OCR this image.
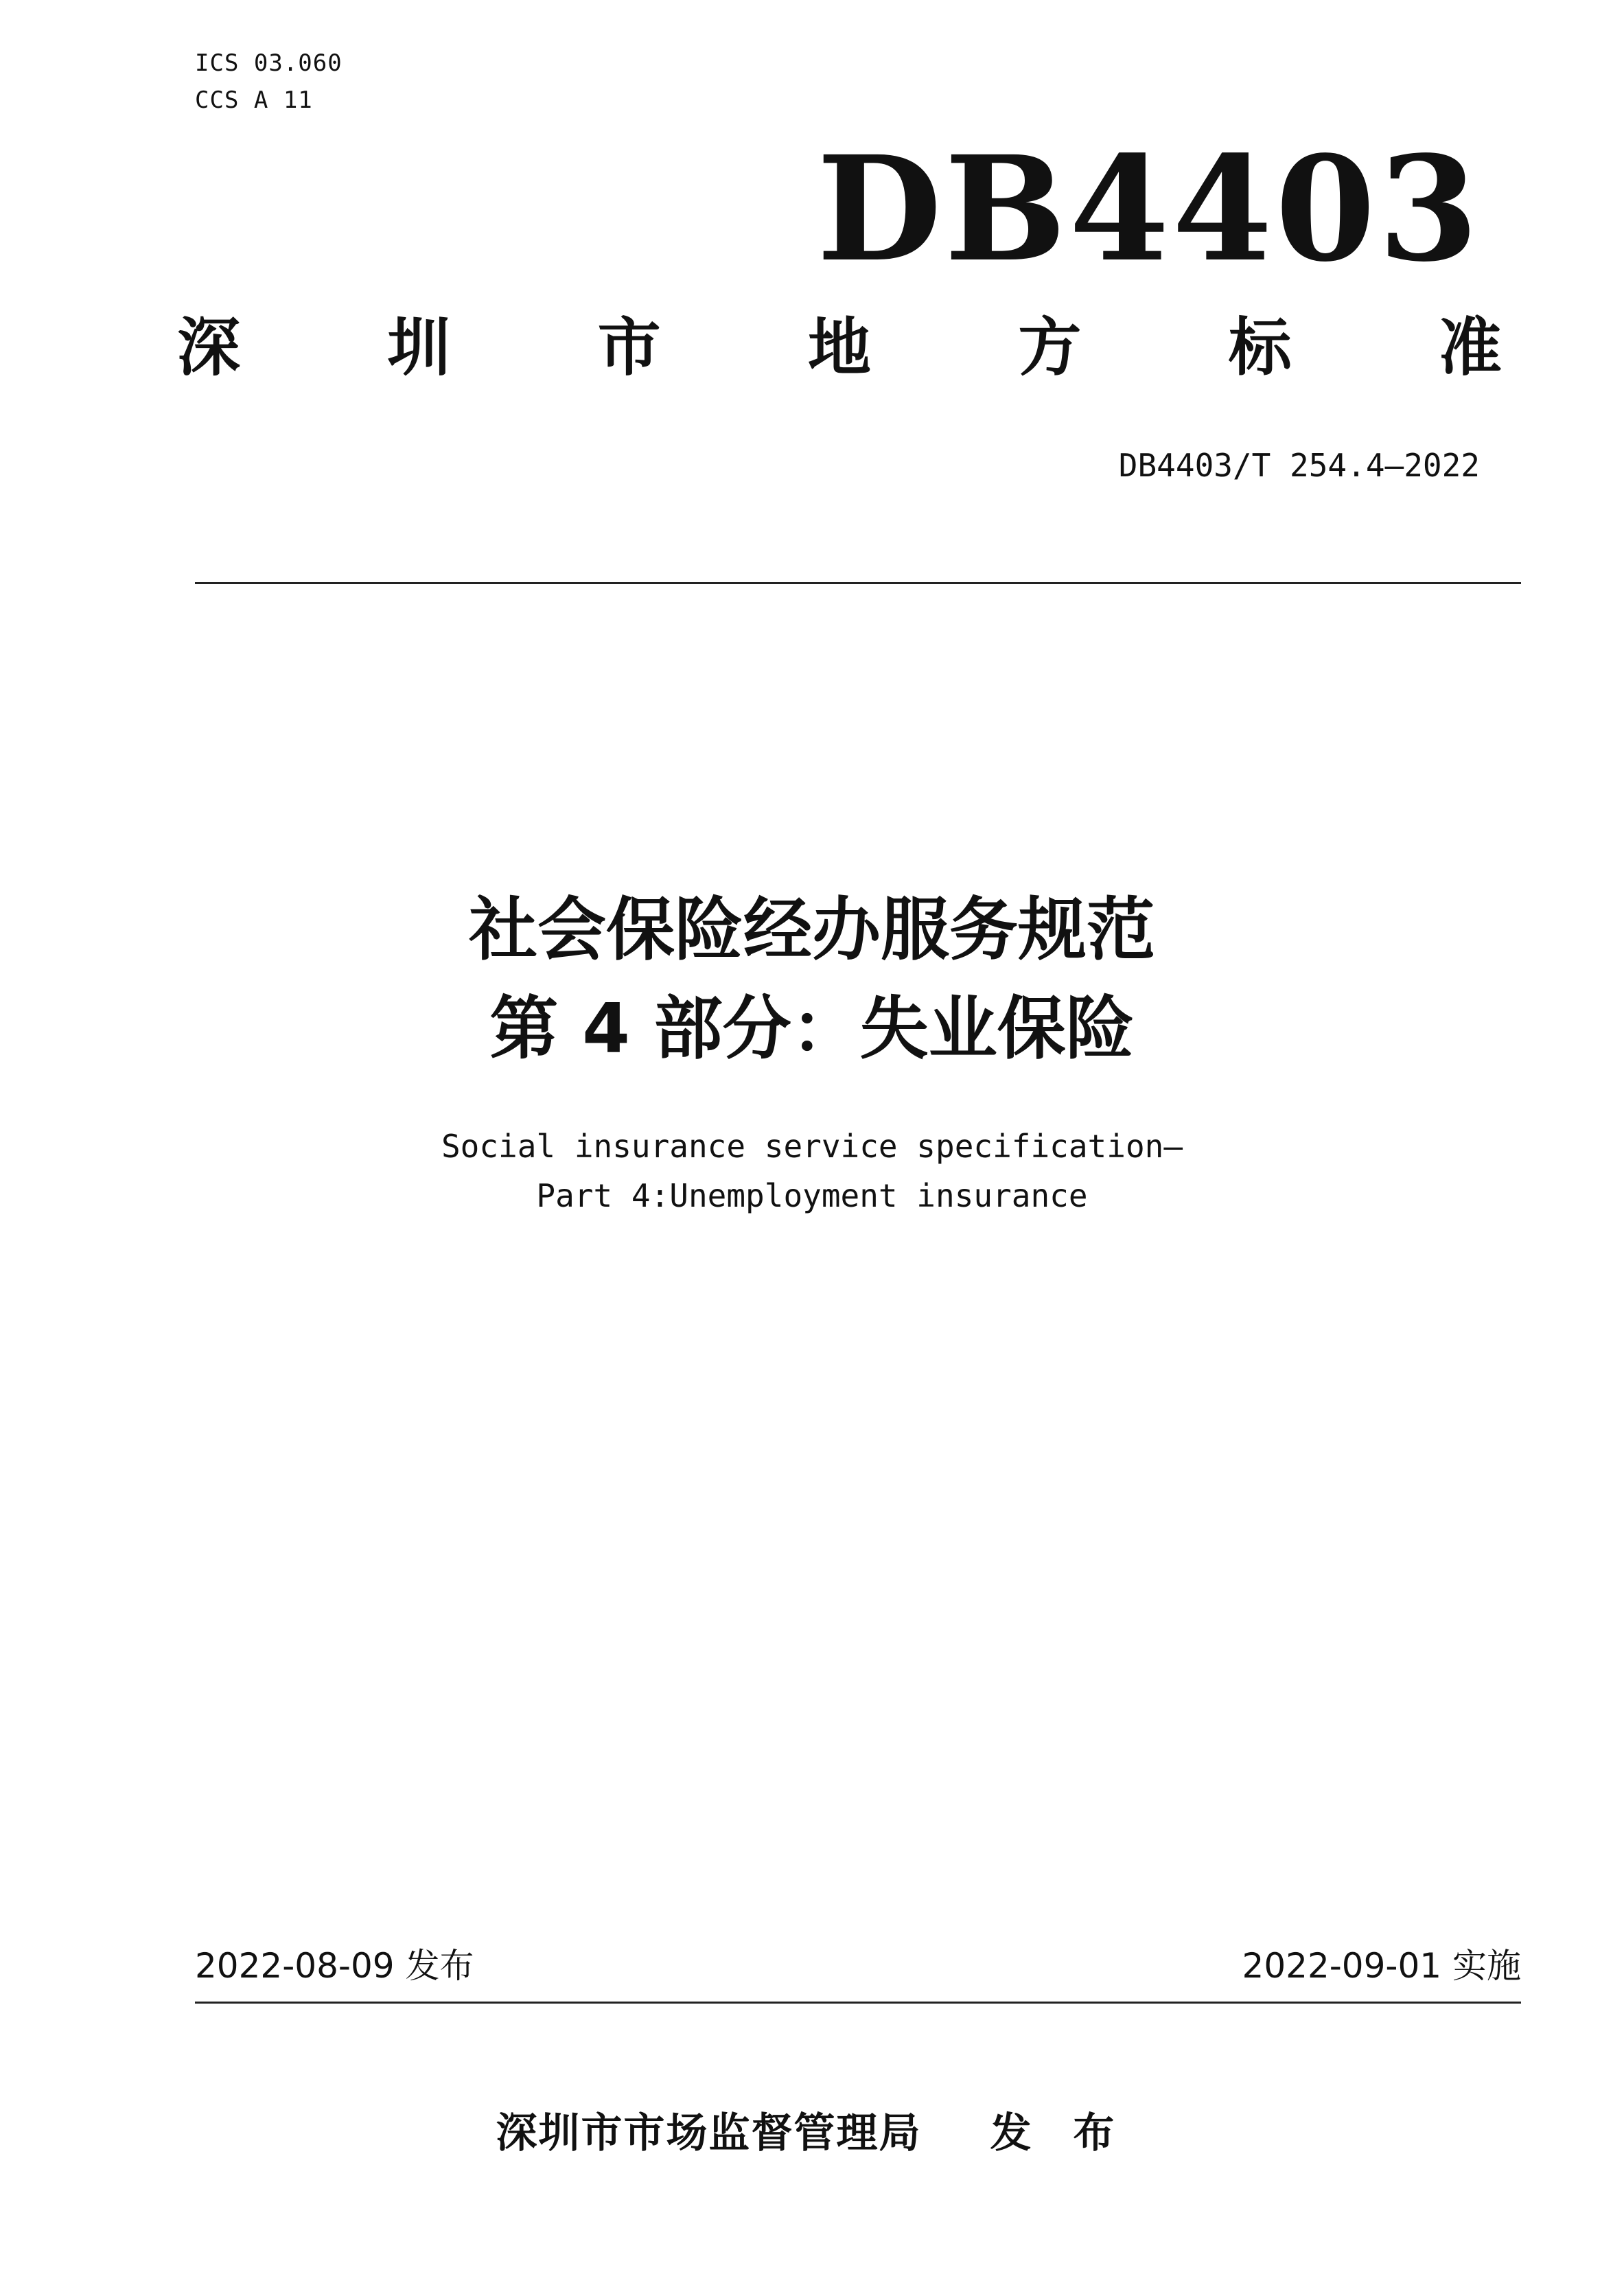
ICS 03.060
CCS A 11
DB4403
深 圳 市 地 方 标 准
DB4403/T 254.4—2022
社会保险经办服务规范
第 4 部分：失业保险
Social insurance service specification—
Part 4:Unemployment insurance
2022-08-09 发布	2022-09-01 实施
深圳市市场监督管理局 发 布
